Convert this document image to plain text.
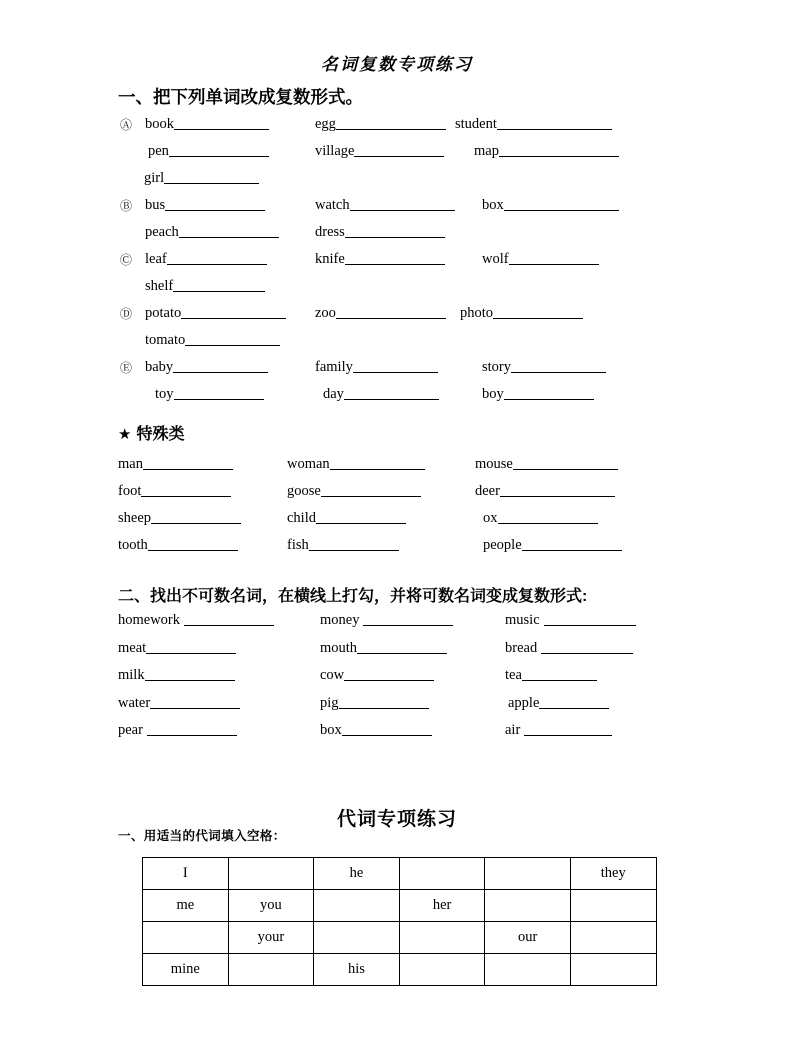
名词复数专项练习
一、把下列单词改成复数形式。
Ⓐ book	egg	student
pen	village	map
girl
Ⓑ bus	watch	box
peach	dress
Ⓒ leaf	knife	wolf
shelf
Ⓓ potato	zoo	photo
tomato
Ⓔ baby	family	story
toy	day	boy
★ 特殊类
man	woman	mouse
foot	goose	deer
sheep	child	ox
tooth	fish	people
二、找出不可数名词，在横线上打勾，并将可数名词变成复数形式:
homework	money	music
meat	mouth	bread
milk	cow	tea
water	pig	apple
pear	box	air
代词专项练习
一、用适当的代词填入空格：
I		he			they
me	you		her		
	your			our	
mine		his			
